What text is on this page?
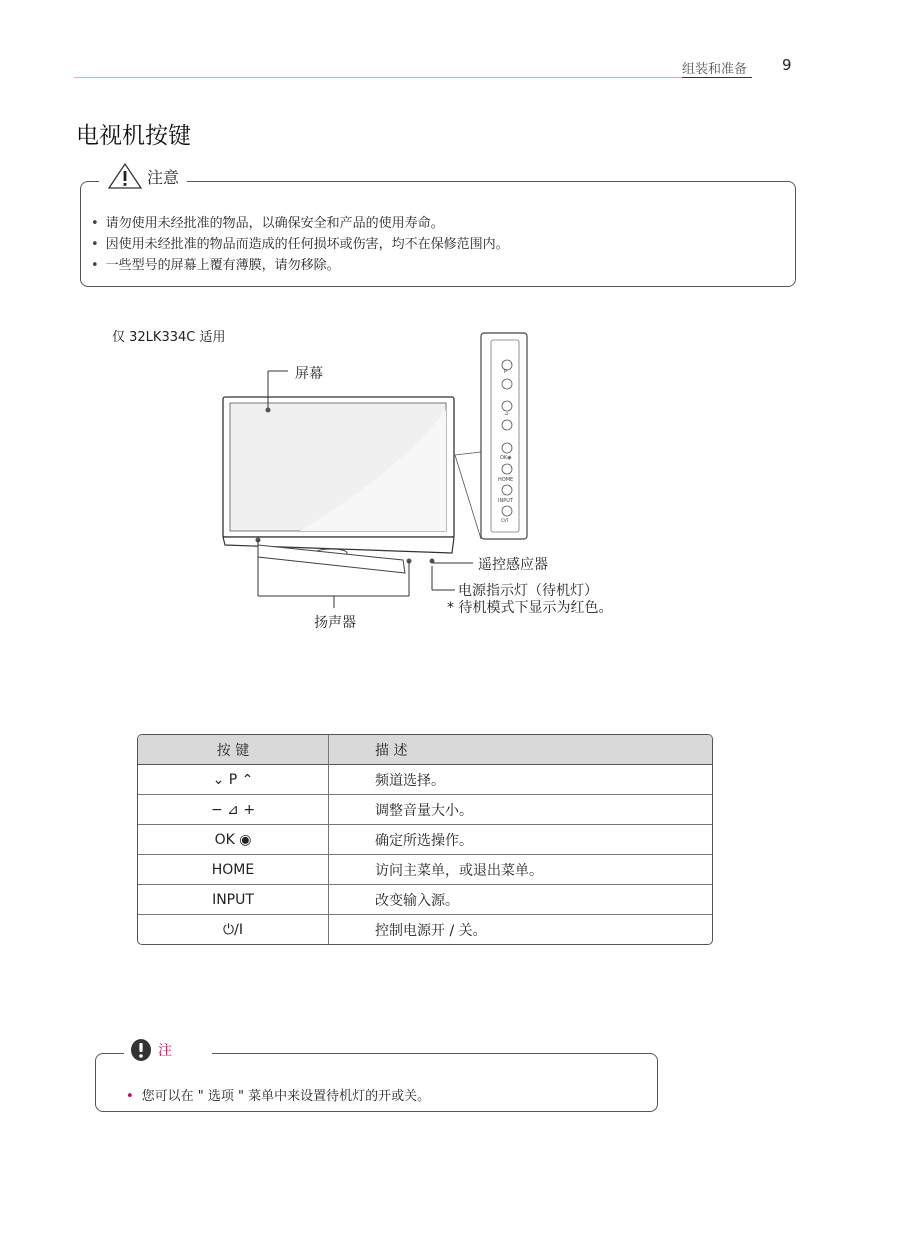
组装和准备 9
电视机按键
注意
• 请勿使用未经批准的物品，以确保安全和产品的使用寿命。
• 因使用未经批准的物品而造成的任何损坏或伤害，均不在保修范围内。
• 一些型号的屏幕上覆有薄膜，请勿移除。
仅 32LK334C 适用
P
⊿
OK◉
HOME
INPUT
⏻/I
屏幕
遥控感应器
电源指示灯（待机灯）
* 待机模式下显示为红色。
扬声器
按 键	描 述
⌄ P ⌃	频道选择。
− ⊿ +	调整音量大小。
OK ◉	确定所选操作。
HOME	访问主菜单，或退出菜单。
INPUT	改变输入源。
⏻/I	控制电源开 / 关。
注
• 您可以在 " 选项 " 菜单中来设置待机灯的开或关。
